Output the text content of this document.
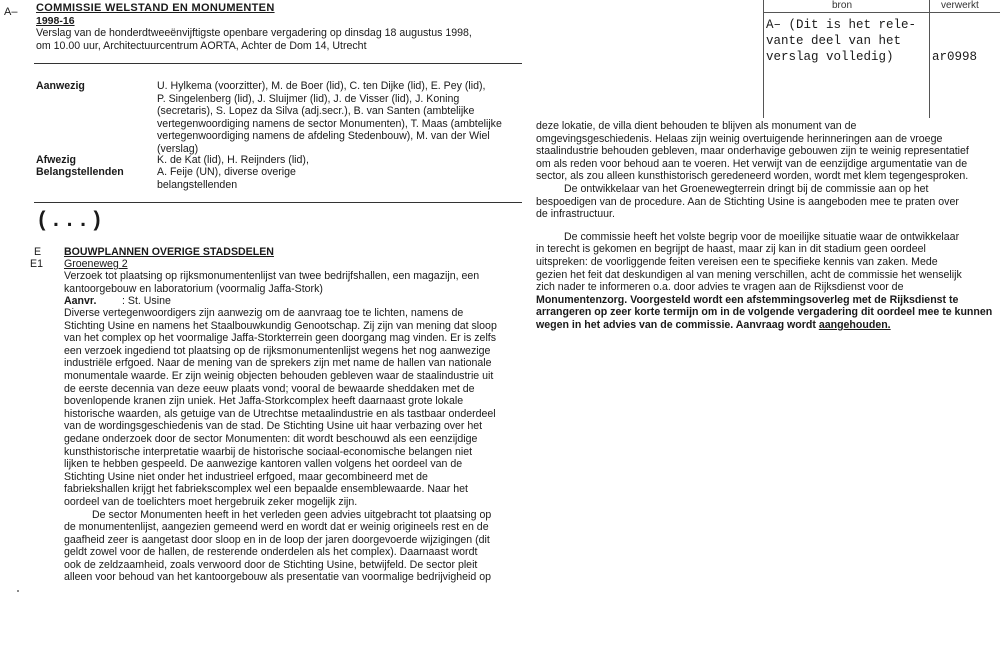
A– COMMISSIE WELSTAND EN MONUMENTEN
1998-16
Verslag van de honderdtweeënvijftigste openbare vergadering op dinsdag 18 augustus 1998,
om 10.00 uur, Architectuurcentrum AORTA, Achter de Dom 14, Utrecht
bron	verwerkt
A– (Dit is het rele-
vante deel van het
verslag volledig)	ar0998
Aanwezig	U. Hylkema (voorzitter), M. de Boer (lid), C. ten Dijke (lid), E. Pey (lid),
P. Singelenberg (lid), J. Sluijmer (lid), J. de Visser (lid), J. Koning
(secretaris), S. Lopez da Silva (adj.secr.), B. van Santen (ambtelijke
vertegenwoordiging namens de sector Monumenten), T. Maas (ambtelijke
vertegenwoordiging namens de afdeling Stedenbouw), M. van der Wiel
(verslag)
Afwezig	K. de Kat (lid), H. Reijnders (lid),
Belangstellenden	A. Feije (UN), diverse overige
belangstellenden
(...)
E BOUWPLANNEN OVERIGE STADSDELEN
E1 Groeneweg 2
Verzoek tot plaatsing op rijksmonumentenlijst van twee bedrijfshallen, een magazijn, een
kantoorgebouw en laboratorium (voormalig Jaffa-Stork)
Aanvr. : St. Usine
Diverse vertegenwoordigers zijn aanwezig om de aanvraag toe te lichten, namens de
Stichting Usine en namens het Staalbouwkundig Genootschap. Zij zijn van mening dat sloop
van het complex op het voormalige Jaffa-Storkterrein geen doorgang mag vinden. Er is zelfs
een verzoek ingediend tot plaatsing op de rijksmonumentenlijst wegens het nog aanwezige
industriële erfgoed. Naar de mening van de sprekers zijn met name de hallen van nationale
monumentale waarde. Er zijn weinig objecten behouden gebleven waar de staalindustrie uit
de eerste decennia van deze eeuw plaats vond; vooral de bewaarde sheddaken met de
bovenlopende kranen zijn uniek. Het Jaffa-Storkcomplex heeft daarnaast grote lokale
historische waarden, als getuige van de Utrechtse metaalindustrie en als tastbaar onderdeel
van de wordingsgeschiedenis van de stad. De Stichting Usine uit haar verbazing over het
gedane onderzoek door de sector Monumenten: dit wordt beschouwd als een eenzijdige
kunsthistorische interpretatie waarbij de historische sociaal-economische belangen niet
lijken te hebben gespeeld. De aanwezige kantoren vallen volgens het oordeel van de
Stichting Usine niet onder het industrieel erfgoed, maar gecombineerd met de
fabriekshallen krijgt het fabriekscomplex wel een bepaalde ensemblewaarde. Naar het
oordeel van de toelichters moet hergebruik zeker mogelijk zijn.
De sector Monumenten heeft in het verleden geen advies uitgebracht tot plaatsing op
de monumentenlijst, aangezien gemeend werd en wordt dat er weinig origineels rest en de
gaafheid zeer is aangetast door sloop en in de loop der jaren doorgevoerde wijzigingen (dit
geldt zowel voor de hallen, de resterende onderdelen als het complex). Daarnaast wordt
ook de zeldzaamheid, zoals verwoord door de Stichting Usine, betwijfeld. De sector pleit
alleen voor behoud van het kantoorgebouw als presentatie van voormalige bedrijvigheid op
deze lokatie, de villa dient behouden te blijven als monument van de
omgevingsgeschiedenis. Helaas zijn weinig overtuigende herinneringen aan de vroege
staalindustrie behouden gebleven, maar onderhavige gebouwen zijn te weinig representatief
om als reden voor behoud aan te voeren. Het verwijt van de eenzijdige argumentatie van de
sector, als zou alleen kunsthistorisch geredeneerd worden, wordt met klem tegengesproken.
De ontwikkelaar van het Groenewegterrein dringt bij de commissie aan op het
bespoedigen van de procedure. Aan de Stichting Usine is aangeboden mee te praten over
de infrastructuur.
De commissie heeft het volste begrip voor de moeilijke situatie waar de ontwikkelaar
in terecht is gekomen en begrijpt de haast, maar zij kan in dit stadium geen oordeel
uitspreken: de voorliggende feiten vereisen een te specifieke kennis van zaken. Mede
gezien het feit dat deskundigen al van mening verschillen, acht de commissie het wenselijk
zich nader te informeren o.a. door advies te vragen aan de Rijksdienst voor de
Monumentenzorg. Voorgesteld wordt een afstemmingsoverleg met de Rijksdienst te
arrangeren op zeer korte termijn om in de volgende vergadering dit oordeel mee te kunnen
wegen in het advies van de commissie. Aanvraag wordt aangehouden.
